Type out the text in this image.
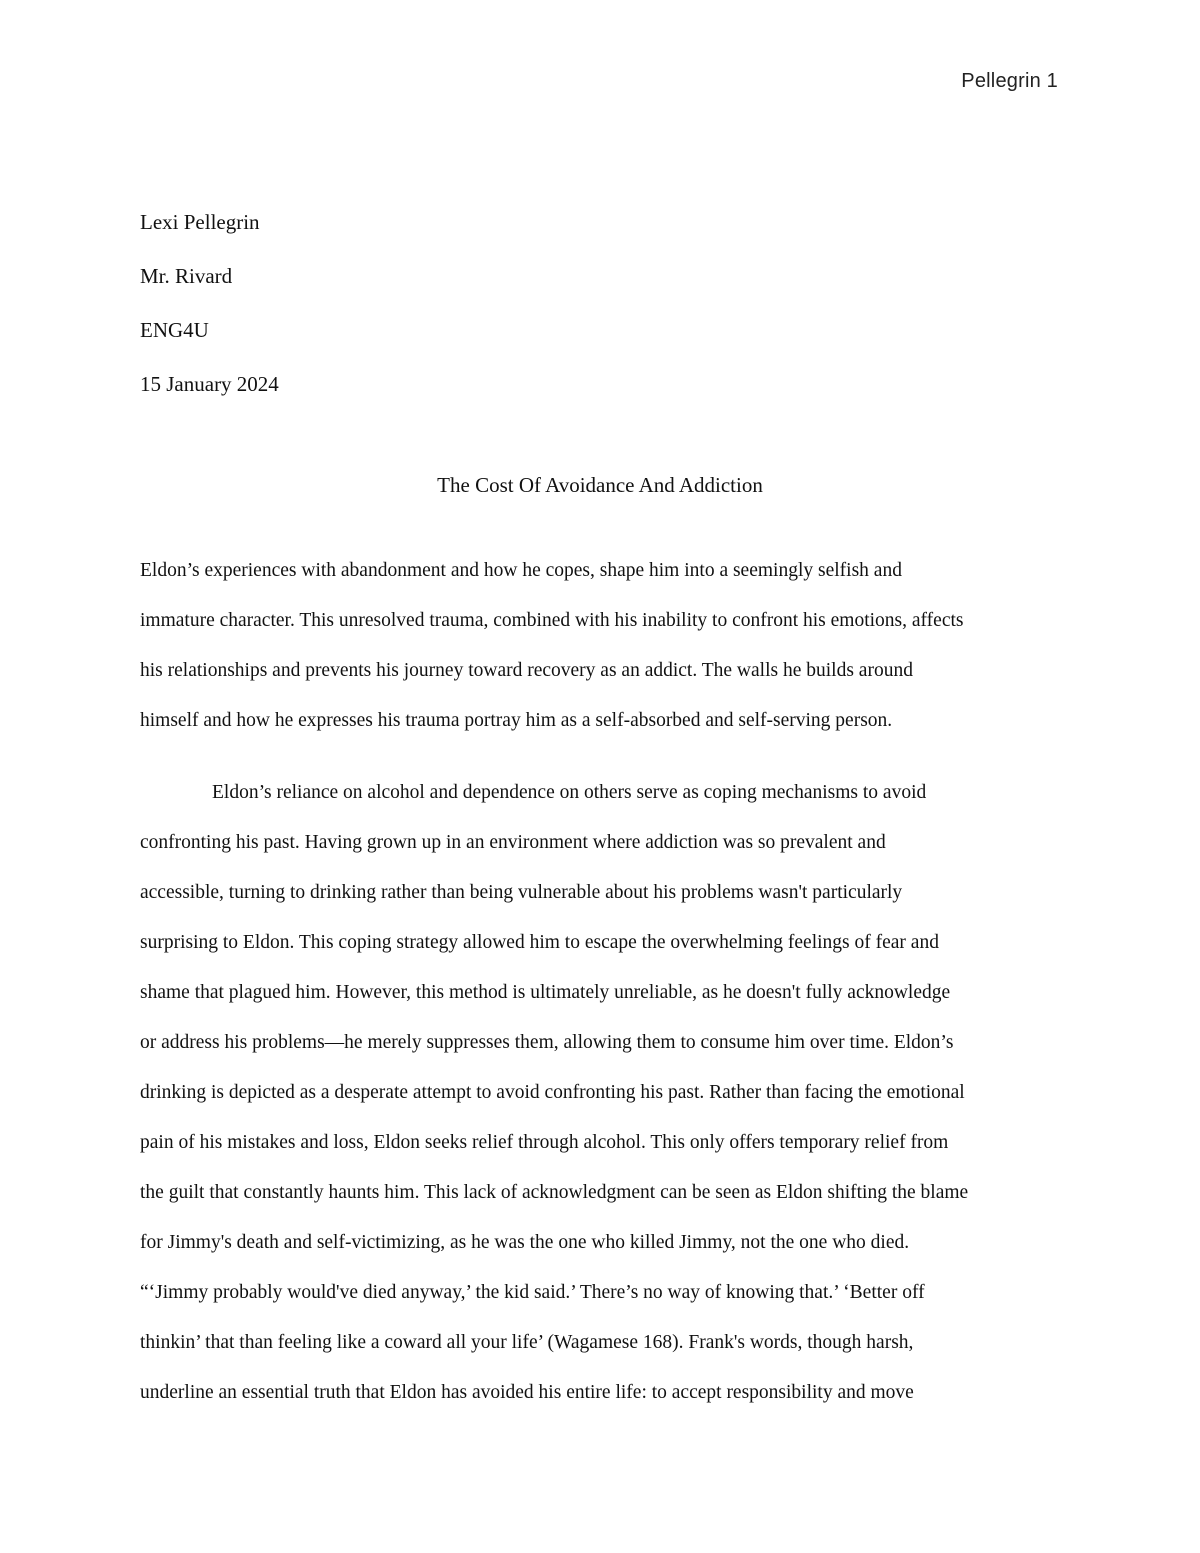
Pellegrin 1
Lexi Pellegrin
Mr. Rivard
ENG4U
15 January 2024
The Cost Of Avoidance And Addiction
Eldon’s experiences with abandonment and how he copes, shape him into a seemingly selfish and
immature character. This unresolved trauma, combined with his inability to confront his emotions, affects
his relationships and prevents his journey toward recovery as an addict. The walls he builds around
himself and how he expresses his trauma portray him as a self-absorbed and self-serving person.
Eldon’s reliance on alcohol and dependence on others serve as coping mechanisms to avoid
confronting his past. Having grown up in an environment where addiction was so prevalent and
accessible, turning to drinking rather than being vulnerable about his problems wasn't particularly
surprising to Eldon. This coping strategy allowed him to escape the overwhelming feelings of fear and
shame that plagued him. However, this method is ultimately unreliable, as he doesn't fully acknowledge
or address his problems—he merely suppresses them, allowing them to consume him over time. Eldon’s
drinking is depicted as a desperate attempt to avoid confronting his past. Rather than facing the emotional
pain of his mistakes and loss, Eldon seeks relief through alcohol. This only offers temporary relief from
the guilt that constantly haunts him. This lack of acknowledgment can be seen as Eldon shifting the blame
for Jimmy's death and self-victimizing, as he was the one who killed Jimmy, not the one who died.
“‘Jimmy probably would've died anyway,’ the kid said.’ There’s no way of knowing that.’ ‘Better off
thinkin’ that than feeling like a coward all your life’ (Wagamese 168). Frank's words, though harsh,
underline an essential truth that Eldon has avoided his entire life: to accept responsibility and move
